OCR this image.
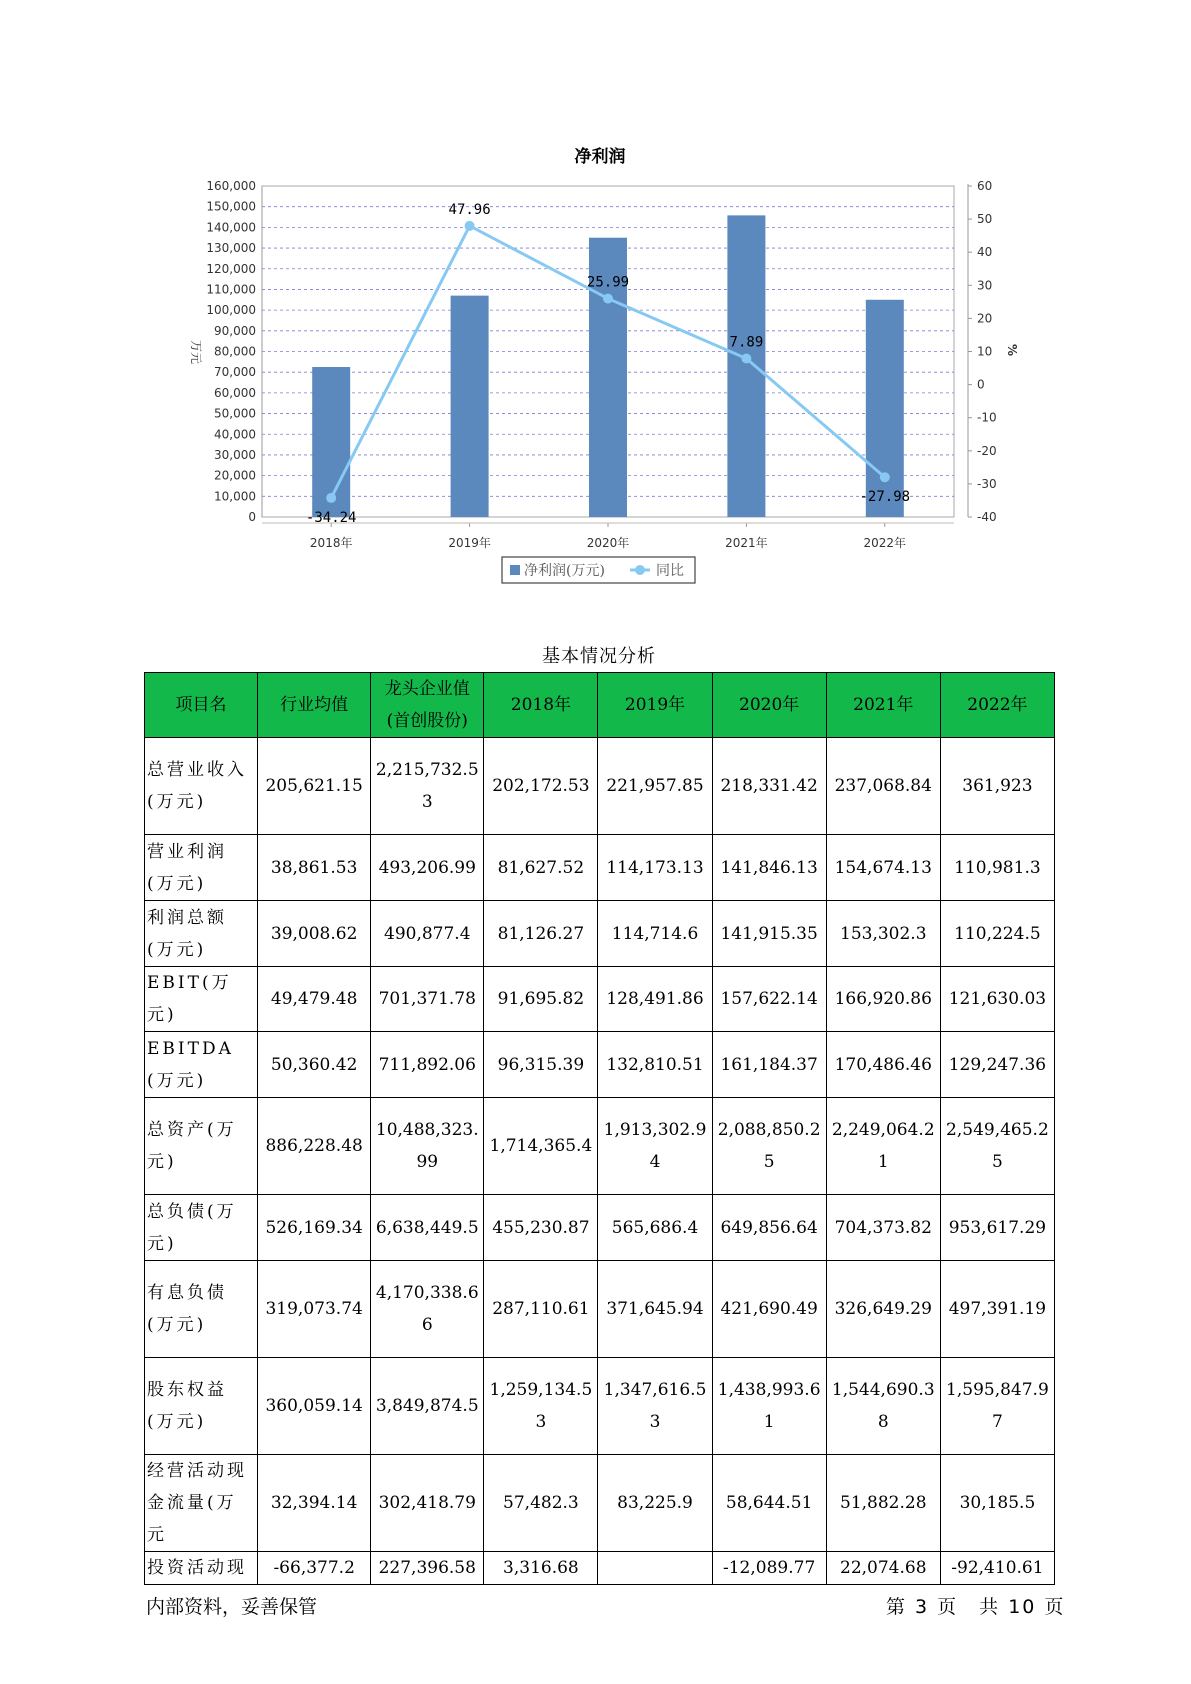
净利润
0
10,000
20,000
30,000
40,000
50,000
60,000
70,000
80,000
90,000
100,000
110,000
120,000
130,000
140,000
150,000
160,000
-40
-30
-20
-10
0
10
20
30
40
50
60
万元	%
2018年	2019年	2020年	2021年	2022年
-34.24
47.96
25.99
7.89
-27.98
净利润(万元)	同比
基本情况分析
项目名	行业均值	龙头企业值(首创股份)	2018年	2019年	2020年	2021年	2022年
总营业收入(万元)	205,621.15	2,215,732.53	202,172.53	221,957.85	218,331.42	237,068.84	361,923
营业利润(万元)	38,861.53	493,206.99	81,627.52	114,173.13	141,846.13	154,674.13	110,981.3
利润总额(万元)	39,008.62	490,877.4	81,126.27	114,714.6	141,915.35	153,302.3	110,224.5
EBIT(万元)	49,479.48	701,371.78	91,695.82	128,491.86	157,622.14	166,920.86	121,630.03
EBITDA(万元)	50,360.42	711,892.06	96,315.39	132,810.51	161,184.37	170,486.46	129,247.36
总资产(万元)	886,228.48	10,488,323.99	1,714,365.4	1,913,302.94	2,088,850.25	2,249,064.21	2,549,465.25
总负债(万元)	526,169.34	6,638,449.5	455,230.87	565,686.4	649,856.64	704,373.82	953,617.29
有息负债(万元)	319,073.74	4,170,338.66	287,110.61	371,645.94	421,690.49	326,649.29	497,391.19
股东权益(万元)	360,059.14	3,849,874.5	1,259,134.53	1,347,616.53	1,438,993.61	1,544,690.38	1,595,847.97
经营活动现金流量(万元	32,394.14	302,418.79	57,482.3	83,225.9	58,644.51	51,882.28	30,185.5
投资活动现	-66,377.2	227,396.58	3,316.68		-12,089.77	22,074.68	-92,410.61
内部资料，妥善保管	第 3 页　共 10 页
